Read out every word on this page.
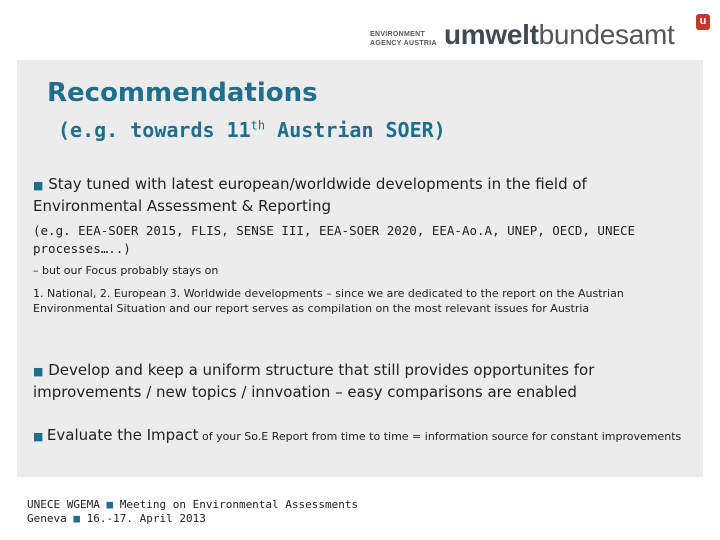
ENVIRONMENT
AGENCY AUSTRIA umweltbundesamt	u
Recommendations
(e.g. towards 11th Austrian SOER)
■ Stay tuned with latest european/worldwide developments in the field of Environmental Assessment & Reporting
(e.g. EEA-SOER 2015, FLIS, SENSE III, EEA-SOER 2020, EEA-Ao.A, UNEP, OECD, UNECE processes…..)
– but our Focus probably stays on
1. National, 2. European 3. Worldwide developments – since we are dedicated to the report on the Austrian Environmental Situation and our report serves as compilation on the most relevant issues for Austria
■ Develop and keep a uniform structure that still provides opportunites for improvements / new topics / innvoation – easy comparisons are enabled
■ Evaluate the Impact of your So.E Report from time to time = information source for constant improvements
UNECE WGEMA ■ Meeting on Environmental Assessments
Geneva ■ 16.-17. April 2013
